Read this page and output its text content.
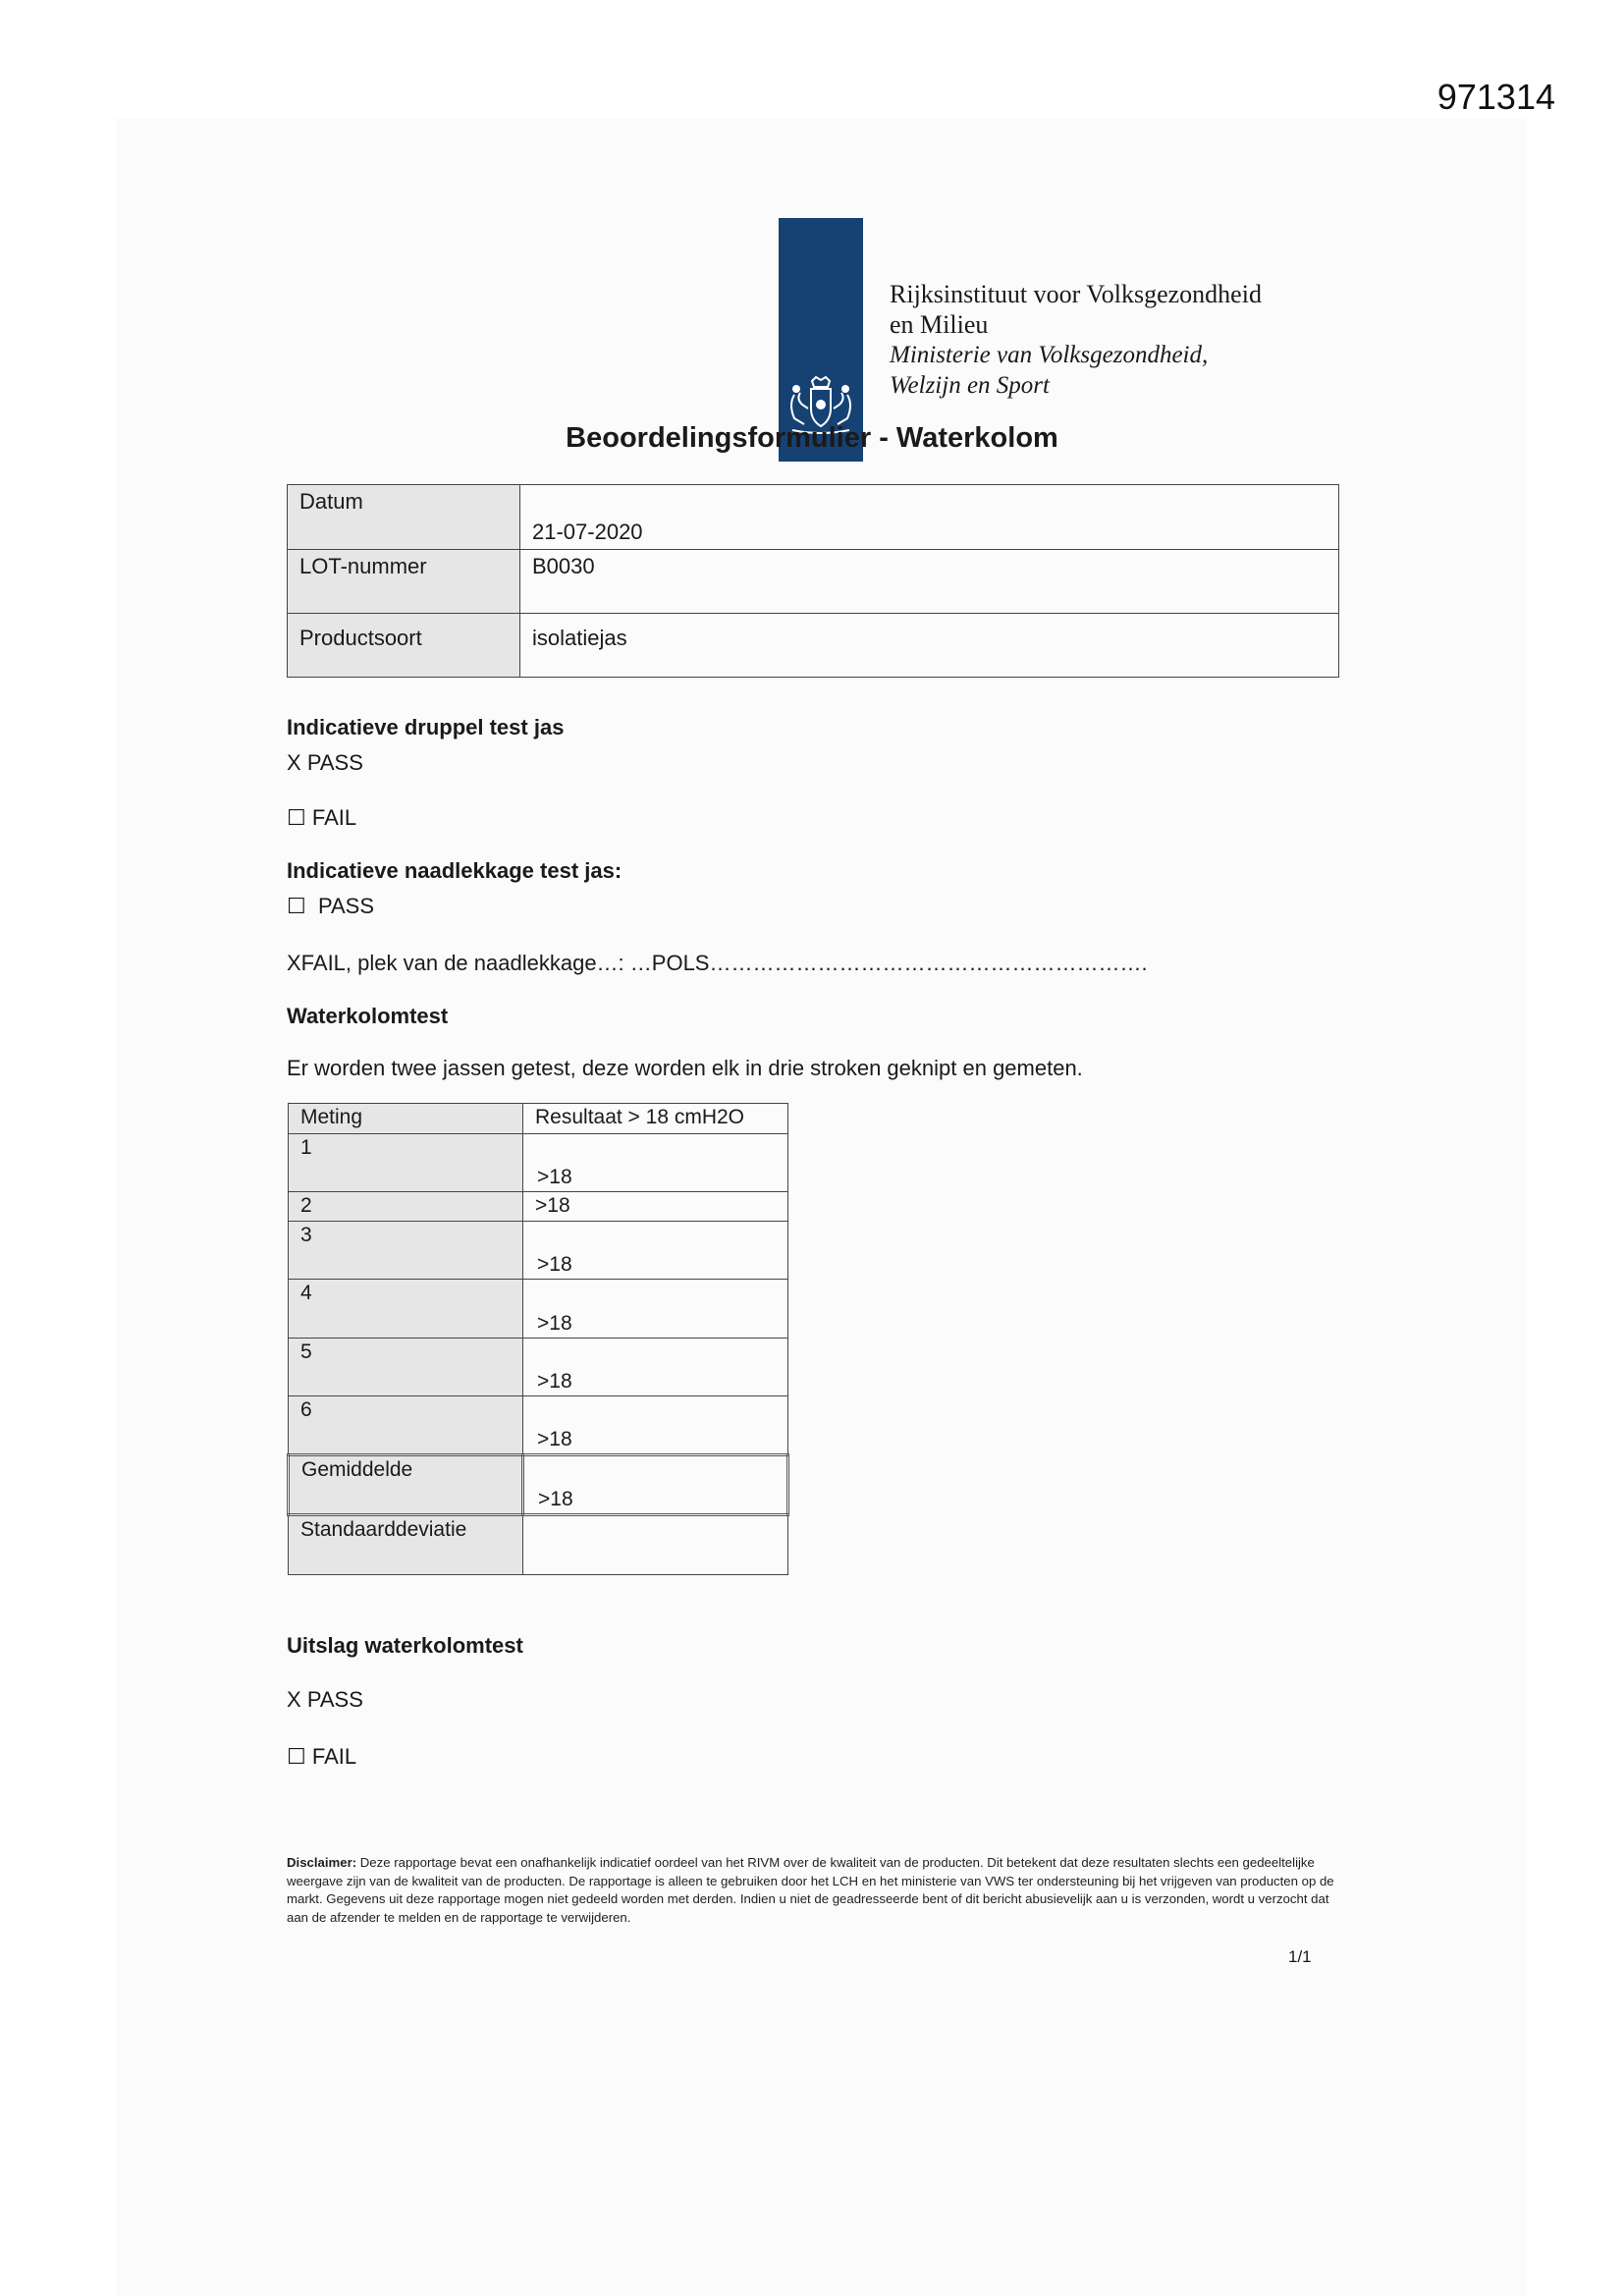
971314
Rijksinstituut voor Volksgezondheid
en Milieu
Ministerie van Volksgezondheid,
Welzijn en Sport
Beoordelingsformulier - Waterkolom
Datum	21-07-2020

LOT-nummer	B0030
Productsoort	isolatiejas
Indicatieve druppel test jas
X PASS
☐ FAIL
Indicatieve naadlekkage test jas:
☐ PASS
XFAIL, plek van de naadlekkage…: …POLS…………………………………………………….
Waterkolomtest
Er worden twee jassen getest, deze worden elk in drie stroken geknipt en gemeten.
Meting	Resultaat > 18 cmH2O
1	>18

2	>18
3	>18

4	>18

5	>18

6	>18

Gemiddelde	>18

Standaarddeviatie	
Uitslag waterkolomtest
X PASS
☐ FAIL
Disclaimer: Deze rapportage bevat een onafhankelijk indicatief oordeel van het RIVM over de kwaliteit van de producten. Dit betekent dat deze resultaten slechts een gedeeltelijke weergave zijn van de kwaliteit van de producten. De rapportage is alleen te gebruiken door het LCH en het ministerie van VWS ter ondersteuning bij het vrijgeven van producten op de markt. Gegevens uit deze rapportage mogen niet gedeeld worden met derden. Indien u niet de geadresseerde bent of dit bericht abusievelijk aan u is verzonden, wordt u verzocht dat aan de afzender te melden en de rapportage te verwijderen.
1/1
